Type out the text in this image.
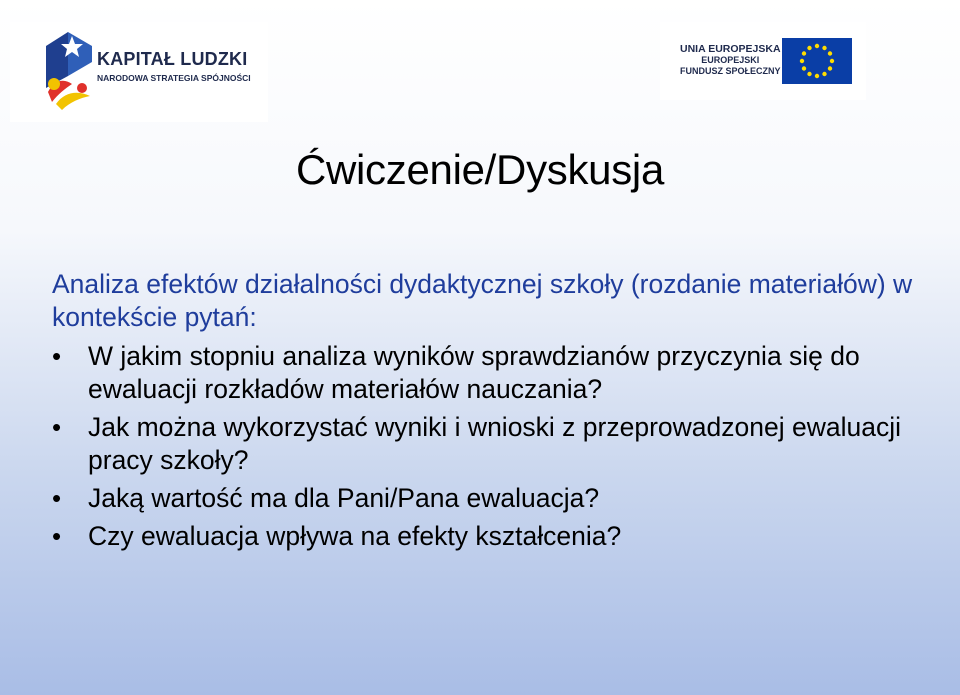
KAPITAŁ LUDZKI
NARODOWA STRATEGIA SPÓJNOŚCI
UNIA EUROPEJSKA
EUROPEJSKI
FUNDUSZ SPOŁECZNY
Ćwiczenie/Dyskusja

Analiza efektów działalności dydaktycznej szkoły (rozdanie materiałów) w kontekście pytań:

• W jakim stopniu analiza wyników sprawdzianów przyczynia się do ewaluacji rozkładów materiałów nauczania?
• Jak można wykorzystać wyniki i wnioski z przeprowadzonej ewaluacji pracy szkoły?
• Jaką wartość ma dla Pani/Pana ewaluacja?
• Czy ewaluacja wpływa na efekty kształcenia?
